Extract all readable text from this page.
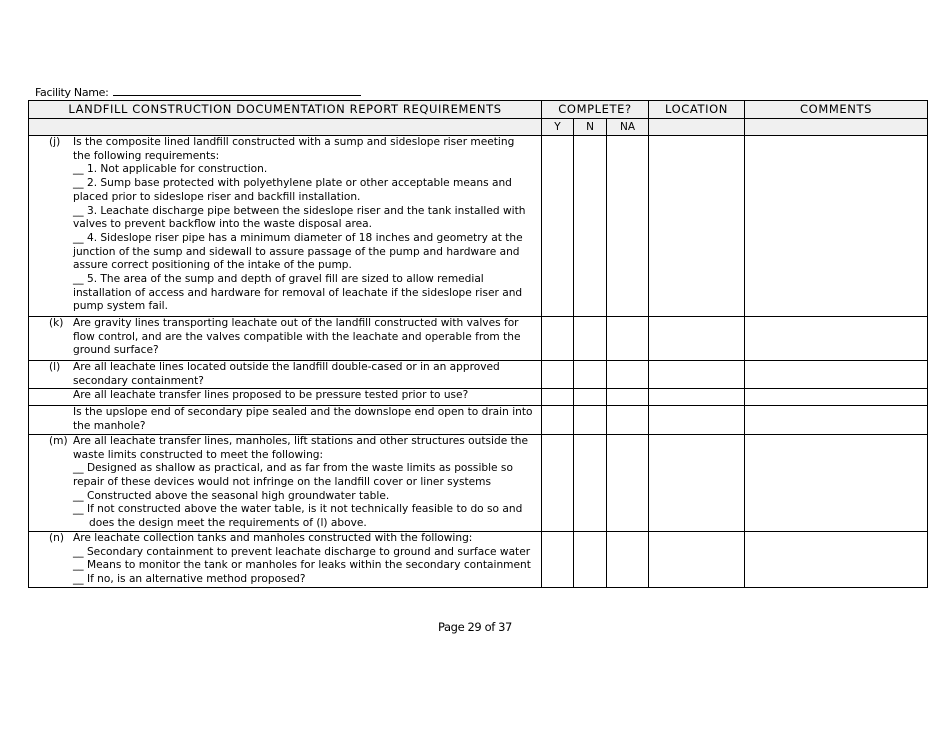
Facility Name:
LANDFILL CONSTRUCTION DOCUMENTATION REPORT REQUIREMENTS	COMPLETE?			LOCATION	COMMENTS
	Y	N	NA		

(j)	Is the composite lined landfill constructed with a sump and sideslope riser meeting the following requirements:
__ 1. Not applicable for construction.
__ 2. Sump base protected with polyethylene plate or other acceptable means and placed prior to sideslope riser and backfill installation.
__ 3. Leachate discharge pipe between the sideslope riser and the tank installed with valves to prevent backflow into the waste disposal area.
__ 4. Sideslope riser pipe has a minimum diameter of 18 inches and geometry at the junction of the sump and sidewall to assure passage of the pump and hardware and assure correct positioning of the intake of the pump.
__ 5. The area of the sump and depth of gravel fill are sized to allow remedial installation of access and hardware for removal of leachate if the sideslope riser and pump system fail.

(k) Are gravity lines transporting leachate out of the landfill constructed with valves for flow control, and are the valves compatible with the leachate and operable from the ground surface?					

(l) Are all leachate lines located outside the landfill double-cased or in an approved secondary containment?					

Are all leachate transfer lines proposed to be pressure tested prior to use?					

Is the upslope end of secondary pipe sealed and the downslope end open to drain into the manhole?					

(m) Are all leachate transfer lines, manholes, lift stations and other structures outside the waste limits constructed to meet the following:
__ Designed as shallow as practical, and as far from the waste limits as possible so repair of these devices would not infringe on the landfill cover or liner systems
__ Constructed above the seasonal high groundwater table.
__ If not constructed above the water table, is it not technically feasible to do so and
does the design meet the requirements of (l) above.

(n) Are leachate collection tanks and manholes constructed with the following:
__ Secondary containment to prevent leachate discharge to ground and surface water
__ Means to monitor the tank or manholes for leaks within the secondary containment
__ If no, is an alternative method proposed?					

Page 29 of 37
